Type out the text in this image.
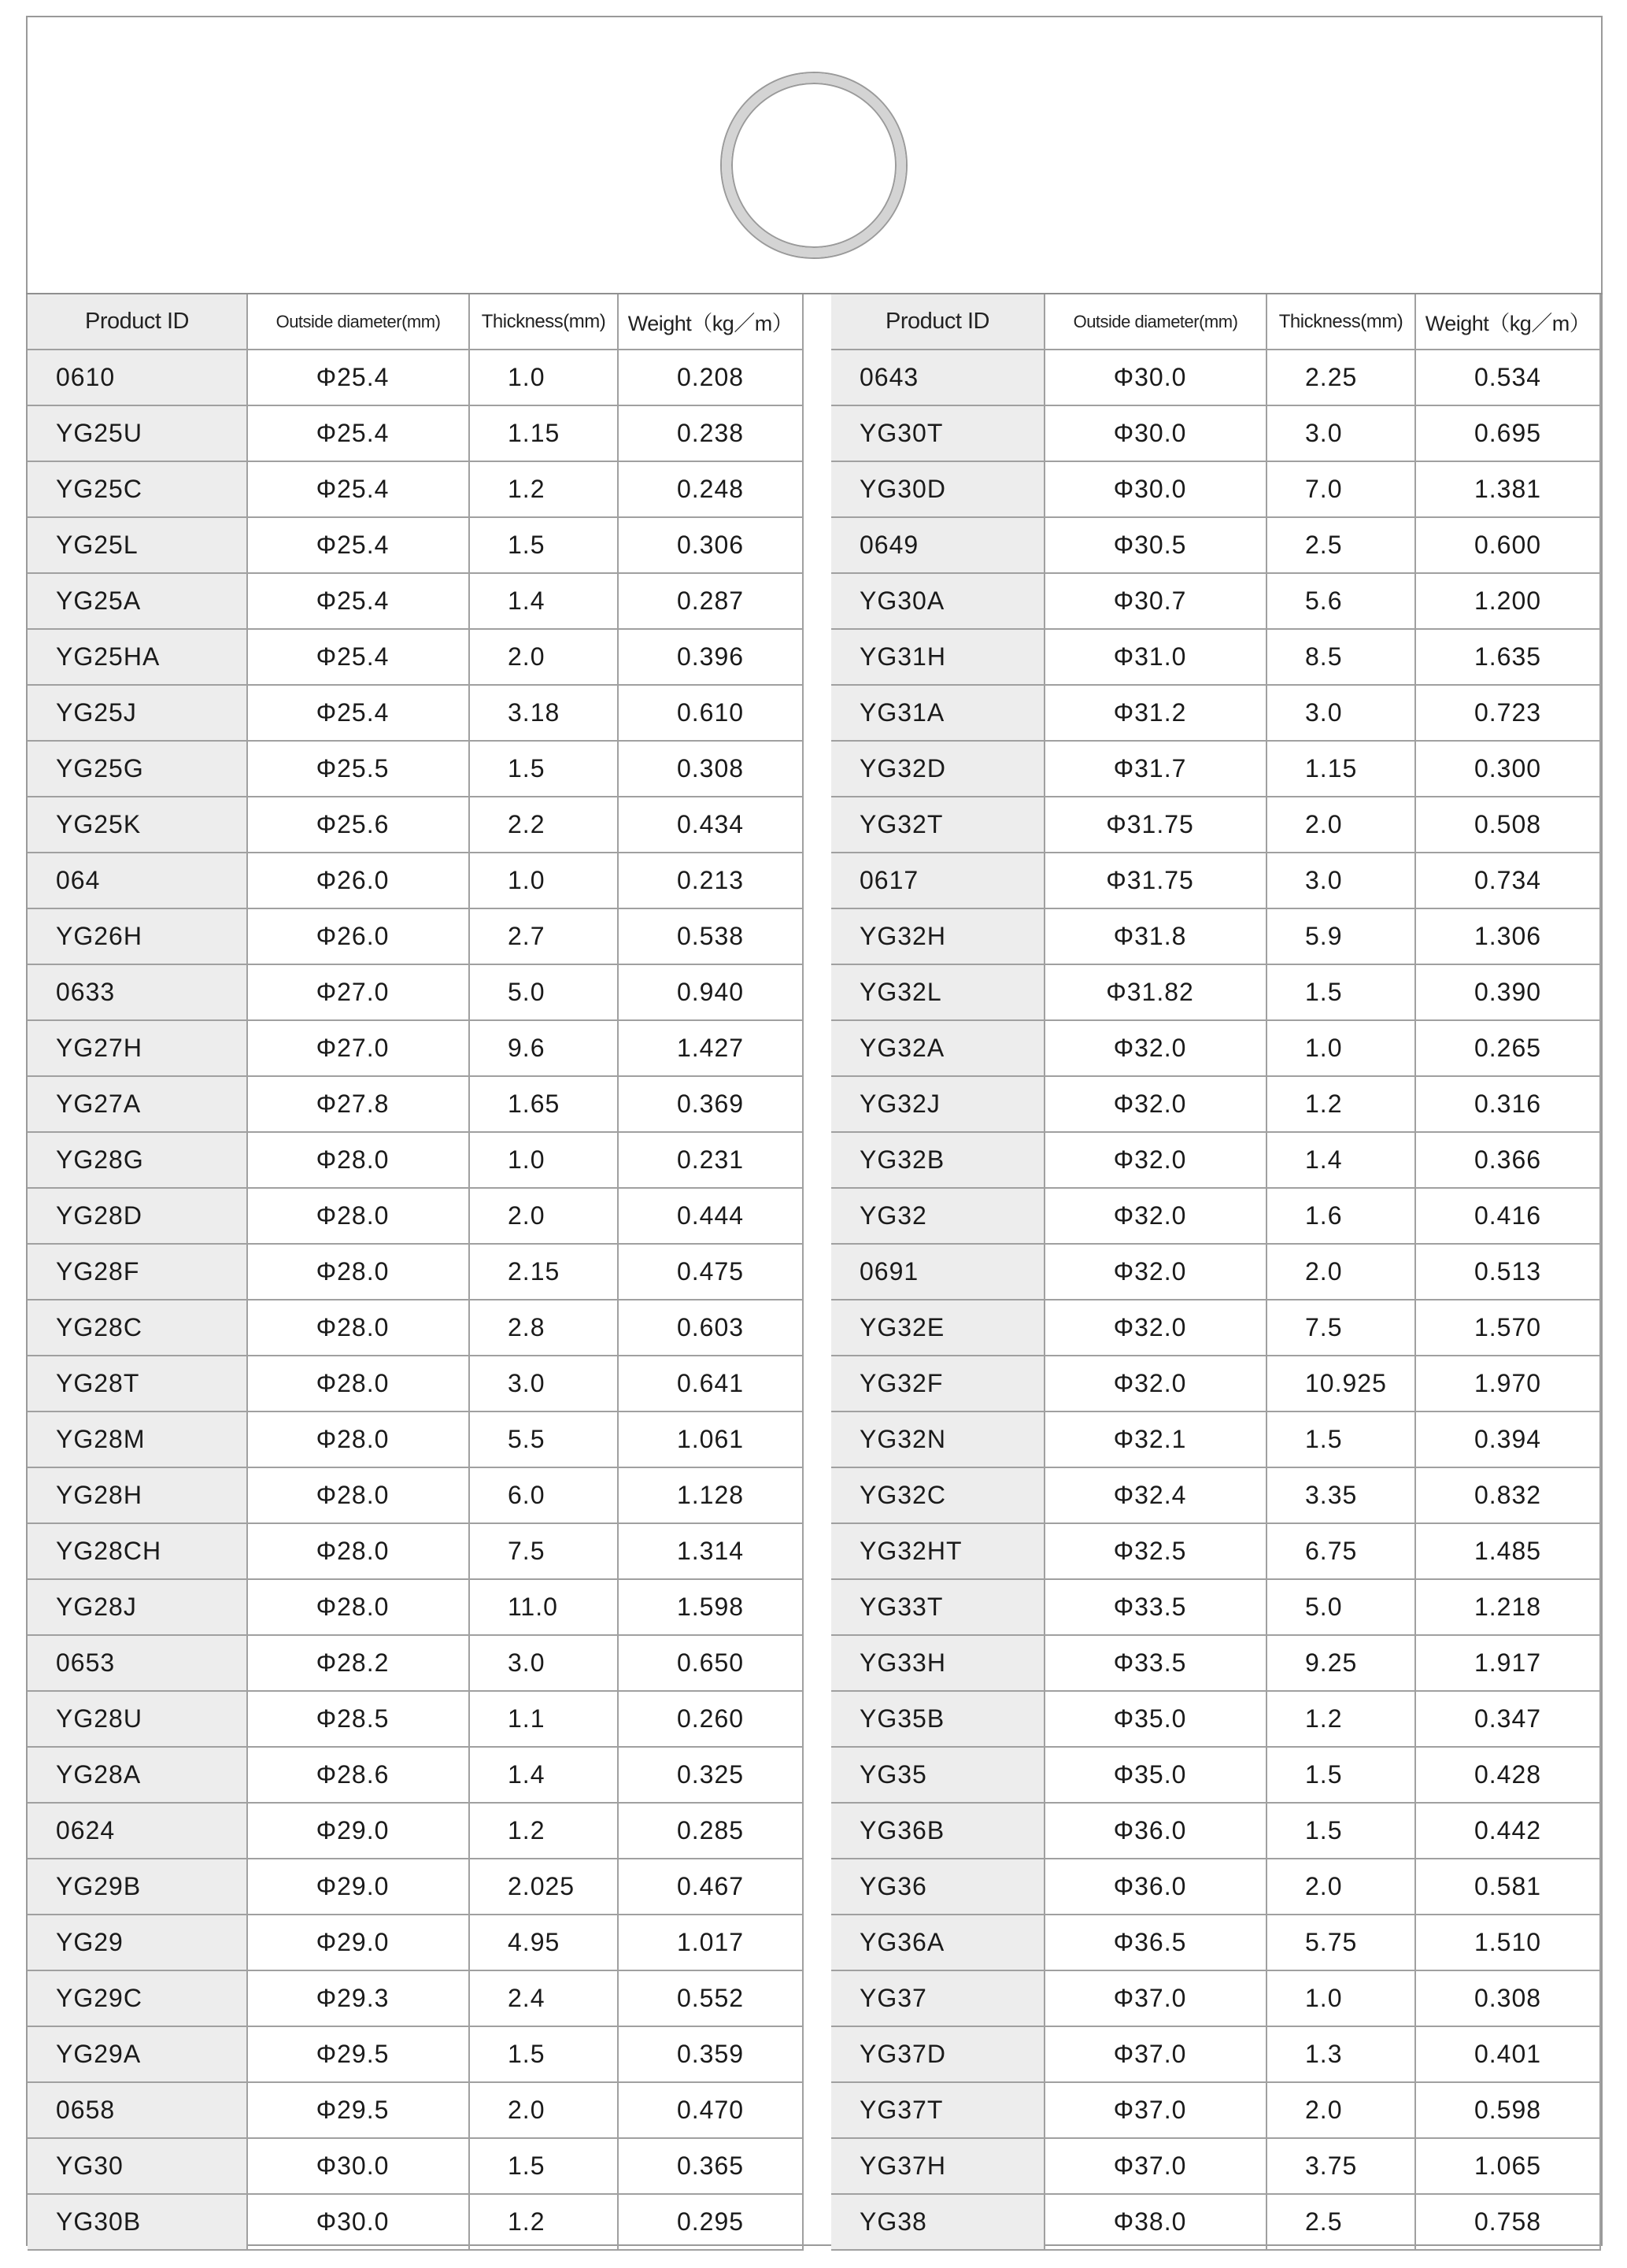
Product ID	Outside diameter(mm)	Thickness(mm)	Weight（kg／m）
0610	Φ25.4	1.0	0.208
YG25U	Φ25.4	1.15	0.238
YG25C	Φ25.4	1.2	0.248
YG25L	Φ25.4	1.5	0.306
YG25A	Φ25.4	1.4	0.287
YG25HA	Φ25.4	2.0	0.396
YG25J	Φ25.4	3.18	0.610
YG25G	Φ25.5	1.5	0.308
YG25K	Φ25.6	2.2	0.434
064	Φ26.0	1.0	0.213
YG26H	Φ26.0	2.7	0.538
0633	Φ27.0	5.0	0.940
YG27H	Φ27.0	9.6	1.427
YG27A	Φ27.8	1.65	0.369
YG28G	Φ28.0	1.0	0.231
YG28D	Φ28.0	2.0	0.444
YG28F	Φ28.0	2.15	0.475
YG28C	Φ28.0	2.8	0.603
YG28T	Φ28.0	3.0	0.641
YG28M	Φ28.0	5.5	1.061
YG28H	Φ28.0	6.0	1.128
YG28CH	Φ28.0	7.5	1.314
YG28J	Φ28.0	11.0	1.598
0653	Φ28.2	3.0	0.650
YG28U	Φ28.5	1.1	0.260
YG28A	Φ28.6	1.4	0.325
0624	Φ29.0	1.2	0.285
YG29B	Φ29.0	2.025	0.467
YG29	Φ29.0	4.95	1.017
YG29C	Φ29.3	2.4	0.552
YG29A	Φ29.5	1.5	0.359
0658	Φ29.5	2.0	0.470
YG30	Φ30.0	1.5	0.365
YG30B	Φ30.0	1.2	0.295
Product ID	Outside diameter(mm)	Thickness(mm)	Weight（kg／m）
0643	Φ30.0	2.25	0.534
YG30T	Φ30.0	3.0	0.695
YG30D	Φ30.0	7.0	1.381
0649	Φ30.5	2.5	0.600
YG30A	Φ30.7	5.6	1.200
YG31H	Φ31.0	8.5	1.635
YG31A	Φ31.2	3.0	0.723
YG32D	Φ31.7	1.15	0.300
YG32T	Φ31.75	2.0	0.508
0617	Φ31.75	3.0	0.734
YG32H	Φ31.8	5.9	1.306
YG32L	Φ31.82	1.5	0.390
YG32A	Φ32.0	1.0	0.265
YG32J	Φ32.0	1.2	0.316
YG32B	Φ32.0	1.4	0.366
YG32	Φ32.0	1.6	0.416
0691	Φ32.0	2.0	0.513
YG32E	Φ32.0	7.5	1.570
YG32F	Φ32.0	10.925	1.970
YG32N	Φ32.1	1.5	0.394
YG32C	Φ32.4	3.35	0.832
YG32HT	Φ32.5	6.75	1.485
YG33T	Φ33.5	5.0	1.218
YG33H	Φ33.5	9.25	1.917
YG35B	Φ35.0	1.2	0.347
YG35	Φ35.0	1.5	0.428
YG36B	Φ36.0	1.5	0.442
YG36	Φ36.0	2.0	0.581
YG36A	Φ36.5	5.75	1.510
YG37	Φ37.0	1.0	0.308
YG37D	Φ37.0	1.3	0.401
YG37T	Φ37.0	2.0	0.598
YG37H	Φ37.0	3.75	1.065
YG38	Φ38.0	2.5	0.758
